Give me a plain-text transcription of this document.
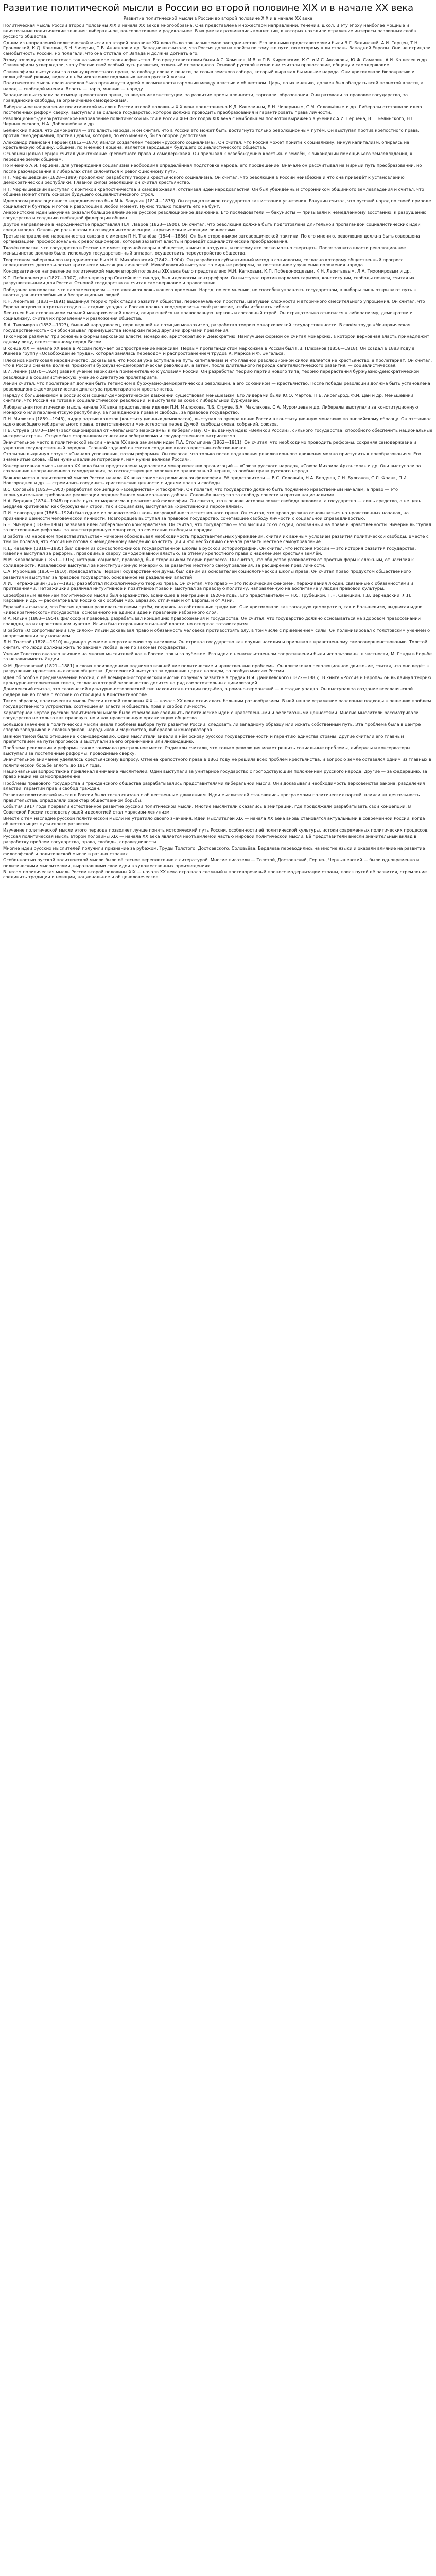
Развитие политической мысли в России во второй половине XIX и в начале XX века
Развитие политической мысли в России во второй половине XIX и в начале XX века

Политическая мысль России второй половины XIX и начала XX веков многообразна. Она представлена множеством направлений, течений, школ. В эту эпоху наиболее мощные и влиятельные политические течения: либеральное, консервативное и радикальное. В их рамках развивались концепции, в которых находили отражение интересы различных слоёв русского общества.

Одним из направлений политической мысли во второй половине XIX века было так называемое западничество. Его видными представителями были В.Г. Белинский, А.И. Герцен, Т.Н. Грановский, К.Д. Кавелин, Б.Н. Чичерин, П.В. Анненков и др. Западники считали, что Россия должна пройти по тому же пути, по которому шли страны Западной Европы. Они не отрицали самобытность России, но полагали, что она отстала от Запада и должна догнать его.

Этому взгляду противостояло так называемое славянофильство. Его представителями были А.С. Хомяков, И.В. и П.В. Киреевские, К.С. и И.С. Аксаковы, Ю.Ф. Самарин, А.И. Кошелев и др. Славянофилы утверждали, что у России свой особый путь развития, отличный от западного. Основой русской жизни они считали православие, общину и самодержавие.

Славянофилы выступали за отмену крепостного права, за свободу слова и печати, за созыв земского собора, который выражал бы мнение народа. Они критиковали бюрократию и полицейский режим, видели в нём искажение подлинных начал русской жизни.

Политическая мысль славянофилов была проникнута идеей о возможности гармонии между властью и обществом. Царь, по их мнению, должен был обладать всей полнотой власти, а народ — свободой мнения. Власть — царю, мнение — народу.

Западники выступали за отмену крепостного права, за введение конституции, за развитие промышленности, торговли, образования. Они ратовали за правовое государство, за гражданские свободы, за ограничение самодержавия.

Либеральное направление политической мысли в России второй половины XIX века представлено К.Д. Кавелиным, Б.Н. Чичериным, С.М. Соловьёвым и др. Либералы отстаивали идею постепенных реформ сверху, выступали за сильное государство, которое должно проводить преобразования и гарантировать права личности.

Революционно-демократическое направление политической мысли в России 40–60-х годов XIX века с наибольшей полнотой выражено в учениях А.И. Герцена, В.Г. Белинского, Н.Г. Чернышевского, Н.А. Добролюбова и др.

Белинский писал, что демократия — это власть народа, и он считал, что в России это может быть достигнуто только революционным путём. Он выступал против крепостного права, против самодержавия, против церкви, которая, по его мнению, была опорой деспотизма.

Александр Иванович Герцен (1812—1870) явился создателем теории «русского социализма». Он считал, что Россия может прийти к социализму, минуя капитализм, опираясь на крестьянскую общину. Община, по мнению Герцена, является зародышем будущего социалистического общества.

Основной целью Герцен считал уничтожение крепостного права и самодержавия. Он призывал к освобождению крестьян с землёй, к ликвидации помещичьего землевладения, к передаче земли общинам.

По мнению А.И. Герцена, для утверждения социализма необходима определённая подготовка народа, его просвещение. Вначале он рассчитывал на мирный путь преобразований, но после разочарования в либералах стал склоняться к революционному пути.

Н.Г. Чернышевский (1828—1889) продолжил разработку теории крестьянского социализма. Он считал, что революция в России неизбежна и что она приведёт к установлению демократической республики. Главной силой революции он считал крестьянство.

Н.Г. Чернышевский выступал с критикой крепостничества и самодержавия, отстаивал идеи народовластия. Он был убеждённым сторонником общинного землевладения и считал, что община может стать основой будущего социалистического строя.

Идеологом революционного народничества был М.А. Бакунин (1814—1876). Он отрицал всякое государство как источник угнетения. Бакунин считал, что русский народ по своей природе социалист и бунтарь и готов к революции в любой момент. Нужно только поднять его на бунт.

Анархистские идеи Бакунина оказали большое влияние на русское революционное движение. Его последователи — бакунисты — призывали к немедленному восстанию, к разрушению государства и созданию свободной федерации общин.

Другое направление в народничестве представлял П.Л. Лавров (1823—1900). Он считал, что революция должна быть подготовлена длительной пропагандой социалистических идей среди народа. Основную роль в этом он отводил интеллигенции, «критически мыслящим личностям».

Третье направление народничества связано с именем П.Н. Ткачёва (1844—1886). Он был сторонником заговорщической тактики. По его мнению, революция должна быть совершена организацией профессиональных революционеров, которая захватит власть и проведёт социалистические преобразования.

Ткачёв полагал, что государство в России не имеет прочной опоры в обществе, «висит в воздухе», и поэтому его легко можно свергнуть. После захвата власти революционное меньшинство должно было, используя государственный аппарат, осуществить переустройство общества.

Теоретиком либерального народничества был Н.К. Михайловский (1842—1904). Он разработал субъективный метод в социологии, согласно которому общественный прогресс определяется деятельностью критически мыслящих личностей. Михайловский выступал за мирные реформы, за постепенное улучшение положения народа.

Консервативное направление политической мысли второй половины XIX века было представлено М.Н. Катковым, К.П. Победоносцевым, К.Н. Леонтьевым, Л.А. Тихомировым и др.

К.П. Победоносцев (1827—1907), обер-прокурор Святейшего синода, был идеологом контрреформ. Он выступал против парламентаризма, конституции, свободы печати, считая их разрушительными для России. Основой государства он считал самодержавие и православие.

Победоносцев полагал, что парламентаризм — это «великая ложь нашего времени». Народ, по его мнению, не способен управлять государством, а выборы лишь открывают путь к власти для честолюбивых и беспринципных людей.

К.Н. Леонтьев (1831—1891) выдвинул теорию трёх стадий развития общества: первоначальной простоты, цветущей сложности и вторичного смесительного упрощения. Он считал, что Европа вступила в третью стадию — стадию упадка, а Россия должна «подморозить» своё развитие, чтобы избежать гибели.

Леонтьев был сторонником сильной монархической власти, опирающейся на православную церковь и сословный строй. Он отрицательно относился к либерализму, демократии и социализму, считая их проявлениями разложения общества.

Л.А. Тихомиров (1852—1923), бывший народоволец, перешедший на позиции монархизма, разработал теорию монархической государственности. В своём труде «Монархическая государственность» он обосновывал преимущества монархии перед другими формами правления.

Тихомиров различал три основные формы верховной власти: монархию, аристократию и демократию. Наилучшей формой он считал монархию, в которой верховная власть принадлежит одному лицу, ответственному перед Богом.

В конце XIX — начале XX века в России получает распространение марксизм. Первым пропагандистом марксизма в России был Г.В. Плеханов (1856—1918). Он создал в 1883 году в Женеве группу «Освобождение труда», которая занялась переводом и распространением трудов К. Маркса и Ф. Энгельса.

Плеханов критиковал народничество, доказывая, что Россия уже вступила на путь капитализма и что главной революционной силой является не крестьянство, а пролетариат. Он считал, что в России сначала должна произойти буржуазно-демократическая революция, а затем, после длительного периода капиталистического развития, — социалистическая.

В.И. Ленин (1870—1924) развил учение марксизма применительно к условиям России. Он разработал теорию партии нового типа, теорию перерастания буржуазно-демократической революции в социалистическую, учение о диктатуре пролетариата.

Ленин считал, что пролетариат должен быть гегемоном в буржуазно-демократической революции, а его союзником — крестьянство. После победы революции должна быть установлена революционно-демократическая диктатура пролетариата и крестьянства.

Наряду с большевизмом в российском социал-демократическом движении существовал меньшевизм. Его лидерами были Ю.О. Мартов, П.Б. Аксельрод, Ф.И. Дан и др. Меньшевики считали, что Россия не готова к социалистической революции, и выступали за союз с либеральной буржуазией.

Либеральная политическая мысль начала XX века представлена идеями П.Н. Милюкова, П.Б. Струве, В.А. Маклакова, С.А. Муромцева и др. Либералы выступали за конституционную монархию или парламентскую республику, за гражданские права и свободы, за правовое государство.

П.Н. Милюков (1859—1943), лидер партии кадетов (конституционных демократов), выступал за превращение России в конституционную монархию по английскому образцу. Он отстаивал идею всеобщего избирательного права, ответственности министерства перед Думой, свободы слова, собраний, союзов.

П.Б. Струве (1870—1944) эволюционировал от «легального марксизма» к либерализму. Он выдвинул идею «Великой России», сильного государства, способного обеспечить национальные интересы страны. Струве был сторонником сочетания либерализма и государственного патриотизма.

Значительное место в политической мысли начала XX века занимали идеи П.А. Столыпина (1862—1911). Он считал, что необходимо проводить реформы, сохраняя самодержавие и укрепляя государственный порядок. Главной задачей он считал создание класса крестьян-собственников.

Столыпин выдвинул лозунг: «Сначала успокоение, потом реформы». Он полагал, что только после подавления революционного движения можно приступить к преобразованиям. Его знаменитые слова: «Вам нужны великие потрясения, нам нужна великая Россия».

Консервативная мысль начала XX века была представлена идеологами монархических организаций — «Союза русского народа», «Союза Михаила Архангела» и др. Они выступали за сохранение неограниченного самодержавия, за господствующее положение православной церкви, за особые права русского народа.

Важное место в политической мысли России начала XX века занимала религиозная философия. Её представители — В.С. Соловьёв, Н.А. Бердяев, С.Н. Булгаков, С.Л. Франк, П.И. Новгородцев и др. — стремились соединить христианские ценности с идеями права и свободы.

В.С. Соловьёв (1853—1900) разработал концепцию «всеединства» и теократии. Он полагал, что государство должно быть подчинено нравственным началам, а право — это «принудительное требование реализации определённого минимального добра». Соловьёв выступал за свободу совести и против национализма.

Н.А. Бердяев (1874—1948) прошёл путь от марксизма к религиозной философии. Он считал, что в основе истории лежит свобода человека, а государство — лишь средство, а не цель. Бердяев критиковал как буржуазный строй, так и социализм, выступая за «христианский персонализм».

П.И. Новгородцев (1866—1924) был одним из основателей школы возрождённого естественного права. Он считал, что право должно основываться на нравственных началах, на признании ценности человеческой личности. Новгородцев выступал за правовое государство, сочетающее свободу личности с социальной справедливостью.

Б.Н. Чичерин (1828—1904) развивал идеи либерального консерватизма. Он считал, что государство — это высший союз людей, основанный на праве и нравственности. Чичерин выступал за постепенные реформы, за конституционную монархию, за сочетание свободы и порядка.

В работе «О народном представительстве» Чичерин обосновывал необходимость представительных учреждений, считая их важным условием развития политической свободы. Вместе с тем он полагал, что Россия не готова к немедленному введению конституции и что необходимо сначала развить местное самоуправление.

К.Д. Кавелин (1818—1885) был одним из основоположников государственной школы в русской историографии. Он считал, что история России — это история развития государства. Кавелин выступал за реформы, проводимые сверху самодержавной властью, за отмену крепостного права с наделением крестьян землёй.

М.М. Ковалевский (1851—1916), историк, социолог, правовед, был сторонником теории прогресса. Он считал, что общество развивается от простых форм к сложным, от насилия к солидарности. Ковалевский выступал за конституционную монархию, за развитие местного самоуправления, за расширение прав личности.

С.А. Муромцев (1850—1910), председатель Первой Государственной думы, был одним из основателей социологической школы права. Он считал право продуктом общественного развития и выступал за правовое государство, основанное на разделении властей.

Л.И. Петражицкий (1867—1931) разработал психологическую теорию права. Он считал, что право — это психический феномен, переживания людей, связанные с обязанностями и притязаниями. Петражицкий различал интуитивное и позитивное право и выступал за правовую политику, направленную на воспитание у людей правовой культуры.

Своеобразным явлением политической мысли был евразийство, возникшее в эмиграции в 1920-е годы. Его представители — Н.С. Трубецкой, П.Н. Савицкий, Г.В. Вернадский, Л.П. Карсавин и др. — рассматривали Россию как особый мир, Евразию, отличный и от Европы, и от Азии.

Евразийцы считали, что Россия должна развиваться своим путём, опираясь на собственные традиции. Они критиковали как западную демократию, так и большевизм, выдвигая идею «идеократического» государства, основанного на единой идее и правлении избранного слоя.

И.А. Ильин (1883—1954), философ и правовед, разрабатывал концепцию правосознания и государства. Он считал, что государство должно основываться на здоровом правосознании граждан, на их нравственном чувстве. Ильин был сторонником сильной власти, но отвергал тоталитаризм.

В работе «О сопротивлении злу силою» Ильин доказывал право и обязанность человека противостоять злу, в том числе с применением силы. Он полемизировал с толстовским учением о непротивлении злу насилием.

Л.Н. Толстой (1828—1910) выдвинул учение о непротивлении злу насилием. Он отрицал государство как орудие насилия и призывал к нравственному самосовершенствованию. Толстой считал, что люди должны жить по законам любви, а не по законам государства.

Учение Толстого оказало влияние на многих мыслителей как в России, так и за рубежом. Его идеи о ненасильственном сопротивлении были использованы, в частности, М. Ганди в борьбе за независимость Индии.

Ф.М. Достоевский (1821—1881) в своих произведениях поднимал важнейшие политические и нравственные проблемы. Он критиковал революционное движение, считая, что оно ведёт к разрушению нравственных основ общества. Достоевский выступал за единение царя с народом, за особую миссию России.

Идея об особом предназначении России, о её всемирно-исторической миссии получила развитие в трудах Н.Я. Данилевского (1822—1885). В книге «Россия и Европа» он выдвинул теорию культурно-исторических типов, согласно которой человечество делится на ряд самостоятельных цивилизаций.

Данилевский считал, что славянский культурно-исторический тип находится в стадии подъёма, а романо-германский — в стадии упадка. Он выступал за создание всеславянской федерации во главе с Россией со столицей в Константинополе.

Таким образом, политическая мысль России второй половины XIX — начала XX века отличалась большим разнообразием. В ней нашли отражение различные подходы к решению проблем государственного устройства, соотношения власти и общества, прав и свобод личности.

Характерной чертой русской политической мысли было стремление соединить политические идеи с нравственными и религиозными ценностями. Многие мыслители рассматривали государство не только как правовую, но и как нравственную организацию общества.

Большое значение в политической мысли имела проблема выбора пути развития России: следовать ли западному образцу или искать собственный путь. Эта проблема была в центре споров западников и славянофилов, народников и марксистов, либералов и консерваторов.

Важной темой было отношение к самодержавию. Одни мыслители видели в нём основу русской государственности и гарантию единства страны, другие считали его главным препятствием на пути прогресса и выступали за его ограничение или ликвидацию.

Проблема революции и реформы также занимала центральное место. Радикалы считали, что только революция может решить социальные проблемы, либералы и консерваторы выступали за постепенные реформы, проводимые сверху.

Значительное внимание уделялось крестьянскому вопросу. Отмена крепостного права в 1861 году не решила всех проблем крестьянства, и вопрос о земле оставался одним из главных в политической борьбе вплоть до 1917 года.

Национальный вопрос также привлекал внимание мыслителей. Одни выступали за унитарное государство с господствующим положением русского народа, другие — за федерацию, за право наций на самоопределение.

Проблемы правового государства и гражданского общества разрабатывались представителями либеральной мысли. Они доказывали необходимость верховенства закона, разделения властей, гарантий прав и свобод граждан.

Развитие политической мысли в России было тесно связано с общественным движением. Идеи мыслителей становились программами политических партий, влияли на деятельность правительства, определяли характер общественной борьбы.

События 1917 года прервали естественное развитие русской политической мысли. Многие мыслители оказались в эмиграции, где продолжали разрабатывать свои концепции. В Советской России господствующей идеологией стал марксизм-ленинизм.

Вместе с тем наследие русской политической мысли не утратило своего значения. Идеи мыслителей XIX — начала XX века вновь становятся актуальными в современной России, когда общество ищет пути своего развития.

Изучение политической мысли этого периода позволяет лучше понять исторический путь России, особенности её политической культуры, истоки современных политических процессов.

Русская политическая мысль второй половины XIX — начала XX века является неотъемлемой частью мировой политической мысли. Её представители внесли значительный вклад в разработку проблем государства, права, свободы, справедливости.

Многие идеи русских мыслителей получили признание за рубежом. Труды Толстого, Достоевского, Соловьёва, Бердяева переводились на многие языки и оказали влияние на развитие философской и политической мысли в разных странах.

Особенностью русской политической мысли было её тесное переплетение с литературой. Многие писатели — Толстой, Достоевский, Герцен, Чернышевский — были одновременно и политическими мыслителями, выражавшими свои идеи в художественных произведениях.

В целом политическая мысль России второй половины XIX — начала XX века отражала сложный и противоречивый процесс модернизации страны, поиск путей её развития, стремление соединить традиции и новации, национальное и общечеловеческое.
